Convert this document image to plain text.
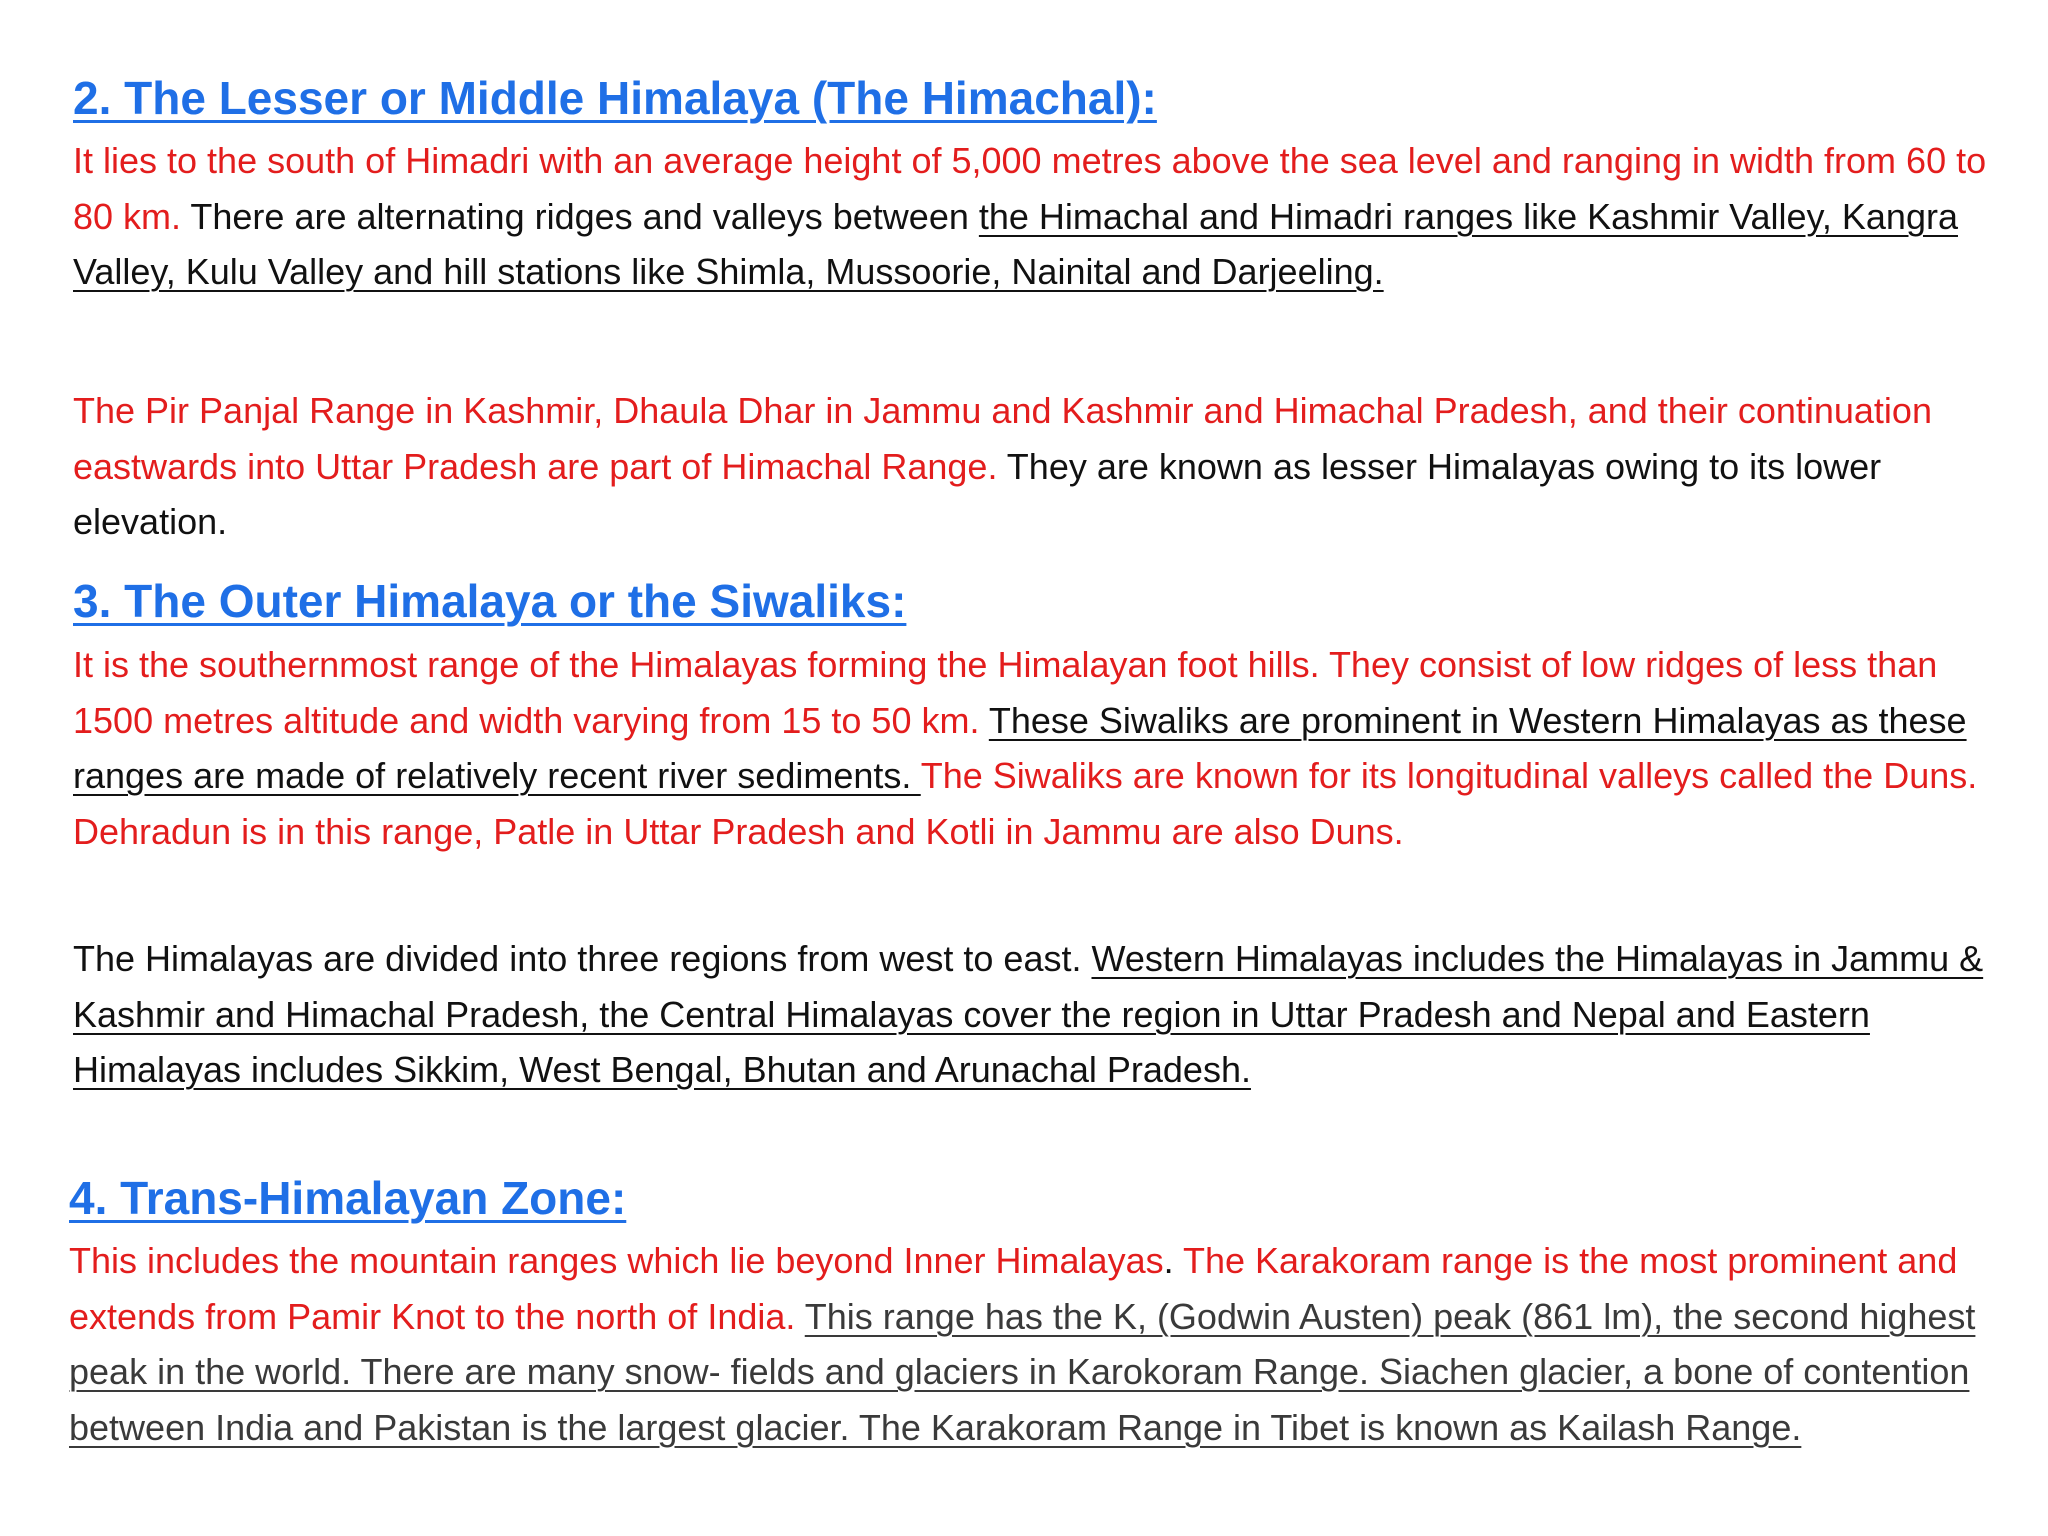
2. The Lesser or Middle Himalaya (The Himachal):

It lies to the south of Himadri with an average height of 5,000 metres above the sea level and ranging in width from 60 to 80 km. There are alternating ridges and valleys between the Himachal and Himadri ranges like Kashmir Valley, Kangra Valley, Kulu Valley and hill stations like Shimla, Mussoorie, Nainital and Darjeeling.

The Pir Panjal Range in Kashmir, Dhaula Dhar in Jammu and Kashmir and Himachal Pradesh, and their continuation eastwards into Uttar Pradesh are part of Himachal Range. They are known as lesser Himalayas owing to its lower elevation.

3. The Outer Himalaya or the Siwaliks:

It is the southernmost range of the Himalayas forming the Himalayan foot hills. They consist of low ridges of less than 1500 metres altitude and width varying from 15 to 50 km. These Siwaliks are prominent in Western Himalayas as these ranges are made of relatively recent river sediments. The Siwaliks are known for its longitudinal valleys called the Duns. Dehradun is in this range, Patle in Uttar Pradesh and Kotli in Jammu are also Duns.

The Himalayas are divided into three regions from west to east. Western Himalayas includes the Himalayas in Jammu & Kashmir and Himachal Pradesh, the Central Himalayas cover the region in Uttar Pradesh and Nepal and Eastern Himalayas includes Sikkim, West Bengal, Bhutan and Arunachal Pradesh.

4. Trans-Himalayan Zone:

This includes the mountain ranges which lie beyond Inner Himalayas. The Karakoram range is the most prominent and extends from Pamir Knot to the north of India. This range has the K, (Godwin Austen) peak (861 lm), the second highest peak in the world. There are many snow- fields and glaciers in Karokoram Range. Siachen glacier, a bone of contention between India and Pakistan is the largest glacier. The Karakoram Range in Tibet is known as Kailash Range.
